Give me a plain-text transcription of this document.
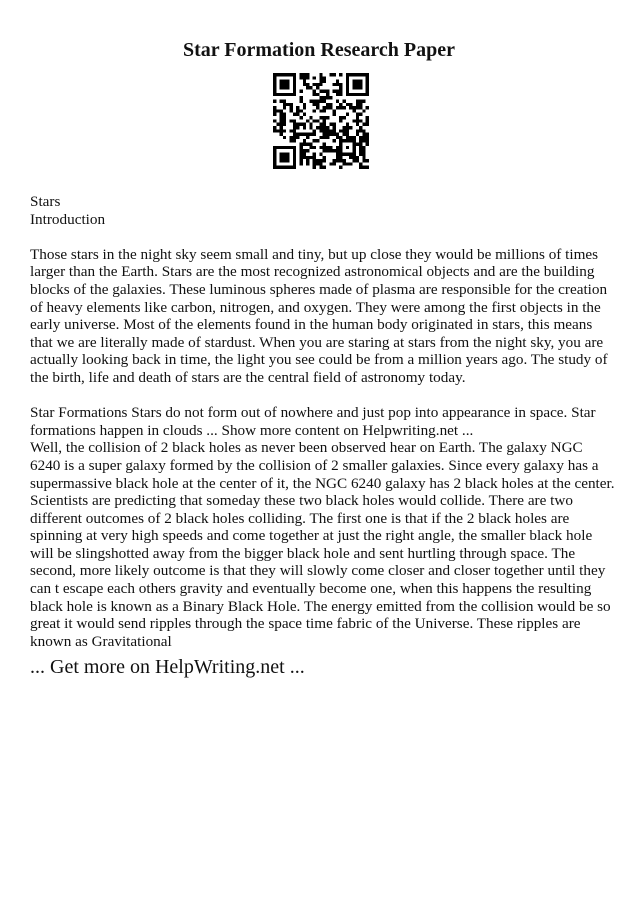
Star Formation Research Paper

Stars

Introduction

Those stars in the night sky seem small and tiny, but up close they would be millions of times larger than the Earth. Stars are the most recognized astronomical objects and are the building blocks of the galaxies. These luminous spheres made of plasma are responsible for the creation of heavy elements like carbon, nitrogen, and oxygen. They were among the first objects in the early universe. Most of the elements found in the human body originated in stars, this means that we are literally made of stardust. When you are staring at stars from the night sky, you are actually looking back in time, the light you see could be from a million years ago. The study of the birth, life and death of stars are the central field of astronomy today.

Star Formations Stars do not form out of nowhere and just pop into appearance in space. Star formations happen in clouds ... Show more content on Helpwriting.net ...

Well, the collision of 2 black holes as never been observed hear on Earth. The galaxy NGC 6240 is a super galaxy formed by the collision of 2 smaller galaxies. Since every galaxy has a supermassive black hole at the center of it, the NGC 6240 galaxy has 2 black holes at the center. Scientists are predicting that someday these two black holes would collide. There are two different outcomes of 2 black holes colliding. The first one is that if the 2 black holes are spinning at very high speeds and come together at just the right angle, the smaller black hole will be slingshotted away from the bigger black hole and sent hurtling through space. The second, more likely outcome is that they will slowly come closer and closer together until they can t escape each others gravity and eventually become one, when this happens the resulting black hole is known as a Binary Black Hole. The energy emitted from the collision would be so great it would send ripples through the space time fabric of the Universe. These ripples are known as Gravitational

... Get more on HelpWriting.net ...
